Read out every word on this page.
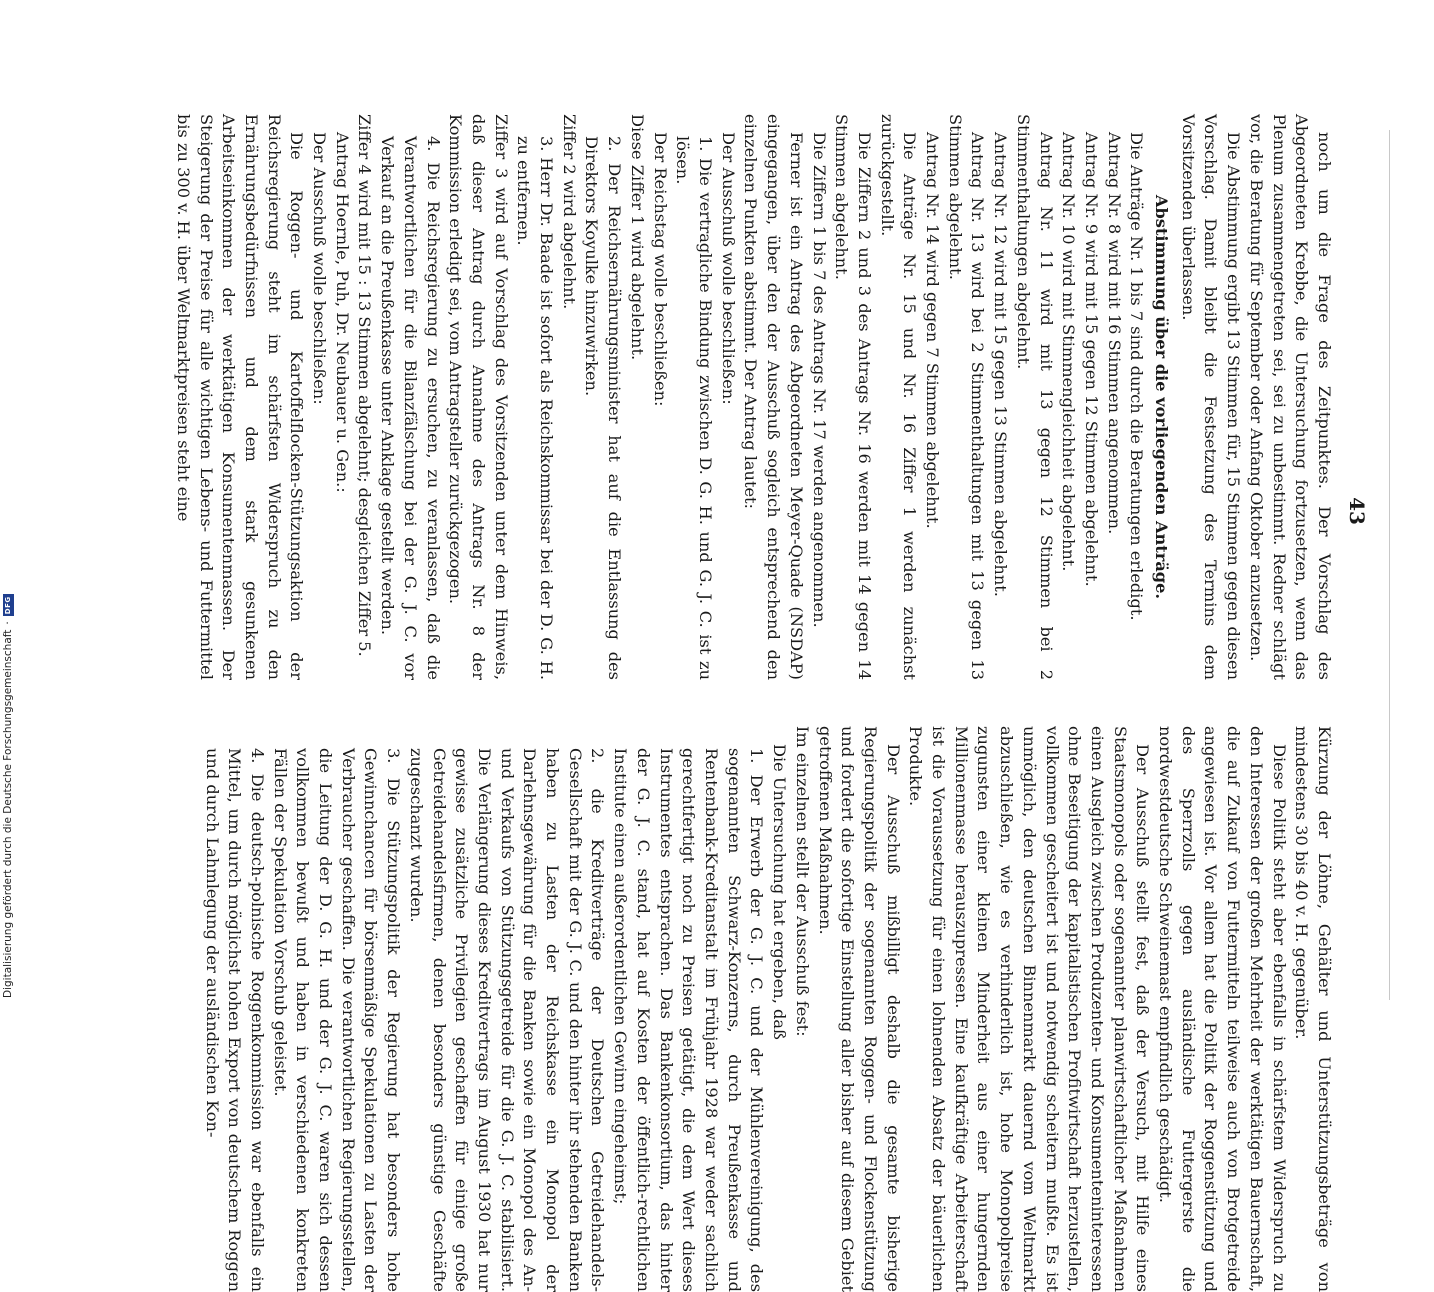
43

noch um die Frage des Zeitpunktes. Der Vorschlag des Abgeordneten Krebbe, die Untersuchung fortzusetzen, wenn das Plenum zusammengetreten sei, sei zu unbestimmt. Redner schlägt vor, die Beratung für September oder Anfang Oktober anzusetzen.

Die Abstimmung ergibt 13 Stimmen für, 15 Stimmen gegen diesen Vorschlag. Damit bleibt die Festsetzung des Termins dem Vorsitzenden überlassen.

Abstimmung über die vorliegenden Anträge.

Die Anträge Nr. 1 bis 7 sind durch die Beratungen erledigt.

Antrag Nr. 8 wird mit 16 Stimmen angenommen.

Antrag Nr. 9 wird mit 15 gegen 12 Stimmen abgelehnt.

Antrag Nr. 10 wird mit Stimmengleichheit abgelehnt.

Antrag Nr. 11 wird mit 13 gegen 12 Stimmen bei 2 Stimmenthaltungen abgelehnt.

Antrag Nr. 12 wird mit 15 gegen 13 Stimmen abgelehnt.

Antrag Nr. 13 wird bei 2 Stimmenthaltungen mit 13 gegen 13 Stimmen abgelehnt.

Antrag Nr. 14 wird gegen 7 Stimmen abgelehnt.

Die Anträge Nr. 15 und Nr. 16 Ziffer 1 werden zunächst zurückgestellt.

Die Ziffern 2 und 3 des Antrags Nr. 16 werden mit 14 gegen 14 Stimmen abgelehnt.

Die Ziffern 1 bis 7 des Antrags Nr. 17 werden angenommen.

Ferner ist ein Antrag des Abgeordneten Meyer-Quade (NSDAP) eingegangen, über den der Ausschuß sogleich entsprechend den einzelnen Punkten abstimmt. Der Antrag lautet:

Der Ausschuß wolle beschließen:

1. Die vertragliche Bindung zwischen D. G. H. und G. J. C. ist zu lösen.

Der Reichstag wolle beschließen:

Diese Ziffer 1 wird abgelehnt.

2. Der Reichsernährungsminister hat auf die Entlassung des Direktors Koyulke hinzuwirken.

Ziffer 2 wird abgelehnt.

3. Herr Dr. Baade ist sofort als Reichskommissar bei der D. G. H. zu entfernen.

Ziffer 3 wird auf Vorschlag des Vorsitzenden unter dem Hinweis, daß dieser Antrag durch Annahme des Antrags Nr. 8 der Kommission erledigt sei, vom Antragsteller zurückgezogen.

4. Die Reichsregierung zu ersuchen, zu veranlassen, daß die Verantwortlichen für die Bilanzfälschung bei der G. J. C. vor Verkauf an die Preußenkasse unter Anklage gestellt werden.

Ziffer 4 wird mit 15 : 13 Stimmen abgelehnt; desgleichen Ziffer 5.

Antrag Hoernle, Puh, Dr. Neubauer u. Gen.:

Der Ausschuß wolle beschließen:

Die Roggen- und Kartoffelflocken-Stützungsaktion der Reichsregierung steht im schärfsten Widerspruch zu den Ernährungsbedürfnissen und dem stark gesunkenen Arbeitseinkommen der werktätigen Konsumentenmassen. Der Steigerung der Preise für alle wichtigen Lebens- und Futtermittel bis zu 300 v. H. über Weltmarktpreisen steht eine

Kürzung der Löhne, Gehälter und Unterstützungsbeträge von mindestens 30 bis 40 v. H. gegenüber.

Diese Politik steht aber ebenfalls in schärfstem Widerspruch zu den Interessen der großen Mehrheit der werktätigen Bauernschaft, die auf Zukauf von Futtermitteln teilweise auch von Brotgetreide angewiesen ist. Vor allem hat die Politik der Roggenstützung und des Sperrzolls gegen ausländische Futtergerste die nordwestdeutsche Schweinemast empfindlich geschädigt.

Der Ausschuß stellt fest, daß der Versuch, mit Hilfe eines Staatsmonopols oder sogenannter planwirtschaftlicher Maßnahmen einen Ausgleich zwischen Produzenten- und Konsumenteninteressen ohne Beseitigung der kapitalistischen Profitwirtschaft herzustellen, vollkommen gescheitert ist und notwendig scheitern mußte. Es ist unmöglich, den deutschen Binnenmarkt dauernd vom Weltmarkt abzuschließen, wie es verhinderlich ist, hohe Monopolpreise zugunsten einer kleinen Minderheit aus einer hungernden Millionenmasse herauszupressen. Eine kaufkräftige Arbeiterschaft ist die Voraussetzung für einen lohnenden Absatz der bäuerlichen Produkte.

Der Ausschuß mißbilligt deshalb die gesamte bisherige Regierungspolitik der sogenannten Roggen- und Flockenstützung und fordert die sofortige Einstellung aller bisher auf diesem Gebiet getroffenen Maßnahmen.

Im einzelnen stellt der Ausschuß fest:

Die Untersuchung hat ergeben, daß

1. Der Erwerb der G. J. C. und der Mühlenvereinigung, des sogenannten Schwarz-Konzerns, durch Preußenkasse und Rentenbank-Kreditanstalt im Frühjahr 1928 war weder sachlich gerechtfertigt noch zu Preisen getätigt, die dem Wert dieses Instrumentes entsprachen. Das Bankenkonsortium, das hinter der G. J. C. stand, hat auf Kosten der öffentlich-rechtlichen Institute einen außerordentlichen Gewinn eingeheimst;

2. die Kreditverträge der Deutschen Getreidehandels-Gesellschaft mit der G. J. C. und den hinter ihr stehenden Banken haben zu Lasten der Reichskasse ein Monopol der Darlehnsgewährung für die Banken sowie ein Monopol des An- und Verkaufs von Stützungsgetreide für die G. J. C. stabilisiert. Die Verlängerung dieses Kreditvertrags im August 1930 hat nur gewisse zusätzliche Privilegien geschaffen für einige große Getreidehandelsfirmen, denen besonders günstige Geschäfte zugeschanzt wurden.

3. Die Stützungspolitik der Regierung hat besonders hohe Gewinnchancen für börsenmäßige Spekulationen zu Lasten der Verbraucher geschaffen. Die verantwortlichen Regierungsstellen, die Leitung der D. G. H. und der G. J. C. waren sich dessen vollkommen bewußt und haben in verschiedenen konkreten Fällen der Spekulation Vorschub geleistet.

4. Die deutsch-polnische Roggenkommission war ebenfalls ein Mittel, um durch möglichst hohen Export von deutschem Roggen und durch Lahmlegung der ausländischen Kon-

Digitalisierung gefördert durch die Deutsche Forschungsgemeinschaft
·
DFG
